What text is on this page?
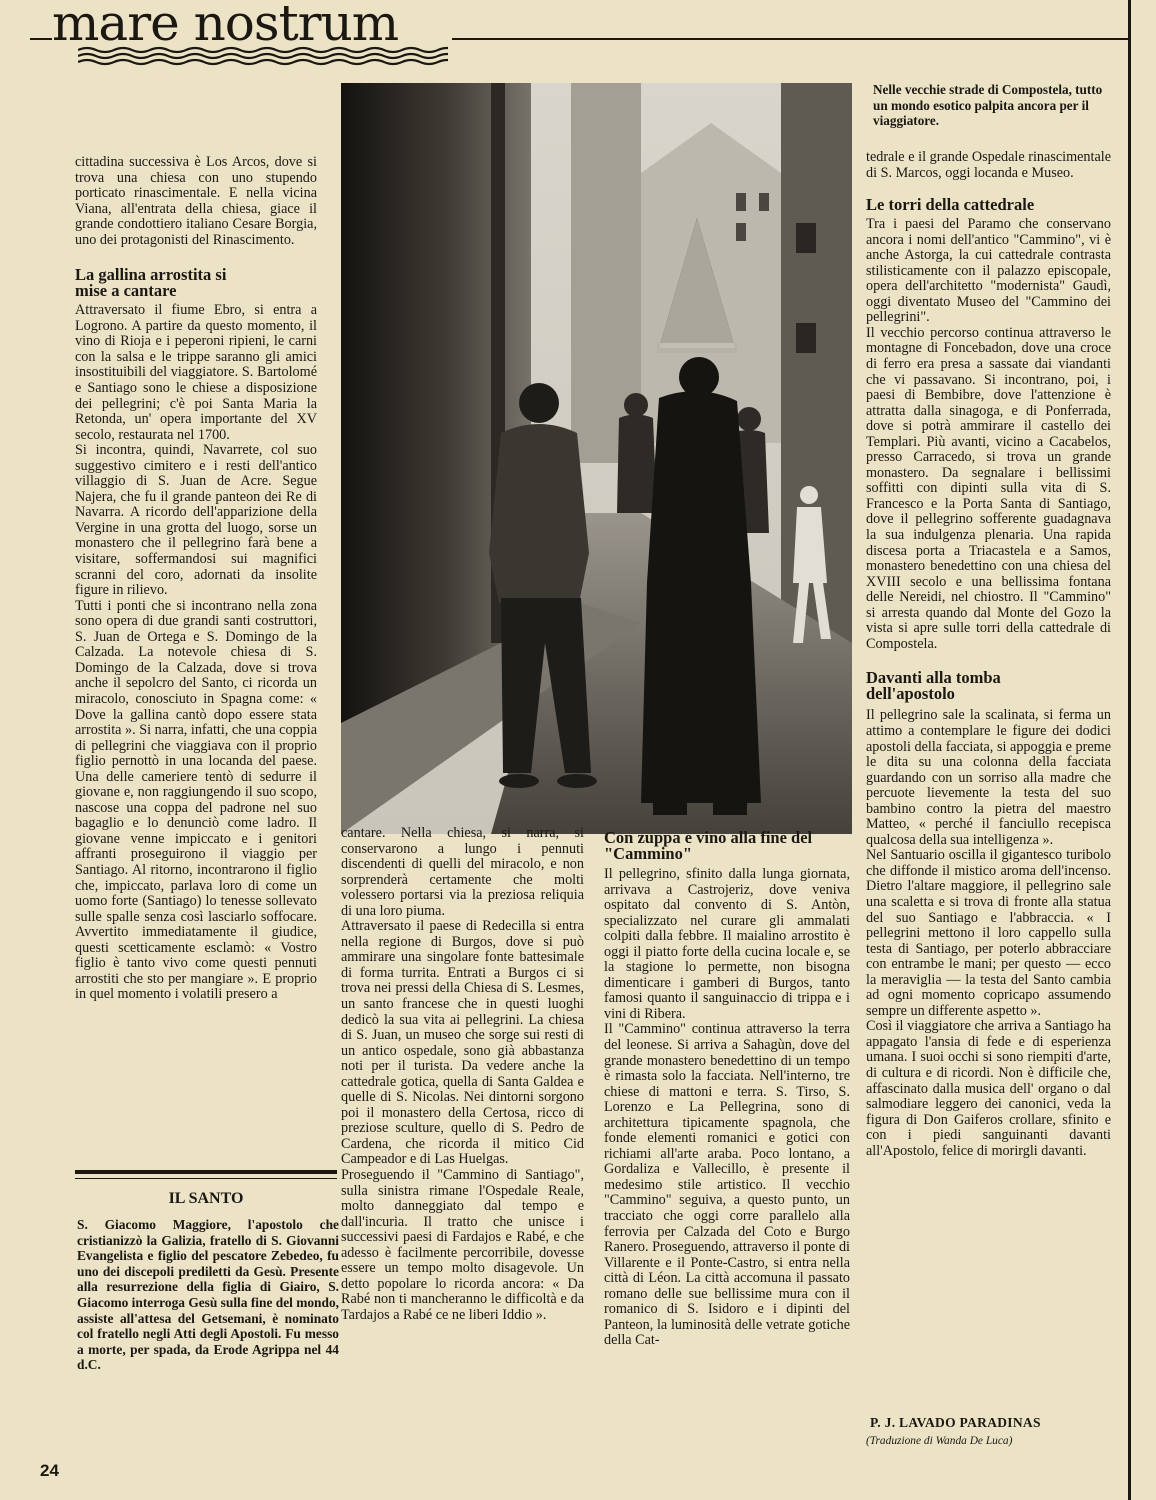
mare nostrum

cittadina successiva è Los Arcos, dove si trova una chiesa con uno stupendo porticato rinascimentale. E nella vicina Viana, all'entrata della chiesa, giace il grande condottiero italiano Cesare Borgia, uno dei protagonisti del Rinascimento.

La gallina arrostita si mise a cantare

Attraversato il fiume Ebro, si entra a Logrono. A partire da questo momento, il vino di Rioja e i peperoni ripieni, le carni con la salsa e le trippe saranno gli amici insostituibili del viaggiatore. S. Bartolomé e Santiago sono le chiese a disposizione dei pellegrini; c'è poi Santa Maria la Retonda, un' opera importante del XV secolo, restaurata nel 1700.

Si incontra, quindi, Navarrete, col suo suggestivo cimitero e i resti dell'antico villaggio di S. Juan de Acre. Segue Najera, che fu il grande panteon dei Re di Navarra. A ricordo dell'apparizione della Vergine in una grotta del luogo, sorse un monastero che il pellegrino farà bene a visitare, soffermandosi sui magnifici scranni del coro, adornati da insolite figure in rilievo.

Tutti i ponti che si incontrano nella zona sono opera di due grandi santi costruttori, S. Juan de Ortega e S. Domingo de la Calzada. La notevole chiesa di S. Domingo de la Calzada, dove si trova anche il sepolcro del Santo, ci ricorda un miracolo, conosciuto in Spagna come: « Dove la gallina cantò dopo essere stata arrostita ». Si narra, infatti, che una coppia di pellegrini che viaggiava con il proprio figlio pernottò in una locanda del paese. Una delle cameriere tentò di sedurre il giovane e, non raggiungendo il suo scopo, nascose una coppa del padrone nel suo bagaglio e lo denunciò come ladro. Il giovane venne impiccato e i genitori affranti proseguirono il viaggio per Santiago. Al ritorno, incontrarono il figlio che, impiccato, parlava loro di come un uomo forte (Santiago) lo tenesse sollevato sulle spalle senza così lasciarlo soffocare. Avvertito immediatamente il giudice, questi scetticamente esclamò: « Vostro figlio è tanto vivo come questi pennuti arrostiti che sto per mangiare ». E proprio in quel momento i volatili presero a

IL SANTO
S. Giacomo Maggiore, l'apostolo che cristianizzò la Galizia, fratello di S. Giovanni Evangelista e figlio del pescatore Zebedeo, fu uno dei discepoli prediletti da Gesù. Presente alla resurrezione della figlia di Giairo, S. Giacomo interroga Gesù sulla fine del mondo, assiste all'attesa del Getsemani, è nominato col fratello negli Atti degli Apostoli. Fu messo a morte, per spada, da Erode Agrippa nel 44 d.C.

cantare. Nella chiesa, si narra, si conservarono a lungo i pennuti discendenti di quelli del miracolo, e non sorprenderà certamente che molti volessero portarsi via la preziosa reliquia di una loro piuma.

Attraversato il paese di Redecilla si entra nella regione di Burgos, dove si può ammirare una singolare fonte battesimale di forma turrita. Entrati a Burgos ci si trova nei pressi della Chiesa di S. Lesmes, un santo francese che in questi luoghi dedicò la sua vita ai pellegrini. La chiesa di S. Juan, un museo che sorge sui resti di un antico ospedale, sono già abbastanza noti per il turista. Da vedere anche la cattedrale gotica, quella di Santa Galdea e quelle di S. Nicolas. Nei dintorni sorgono poi il monastero della Certosa, ricco di preziose sculture, quello di S. Pedro de Cardena, che ricorda il mitico Cid Campeador e di Las Huelgas.

Proseguendo il "Cammino di Santiago", sulla sinistra rimane l'Ospedale Reale, molto danneggiato dal tempo e dall'incuria. Il tratto che unisce i successivi paesi di Fardajos e Rabé, e che adesso è facilmente percorribile, dovesse essere un tempo molto disagevole. Un detto popolare lo ricorda ancora: « Da Rabé non ti mancheranno le difficoltà e da Tardajos a Rabé ce ne liberi Iddio ».

Con zuppa e vino alla fine del "Cammino"

Il pellegrino, sfinito dalla lunga giornata, arrivava a Castrojeriz, dove veniva ospitato dal convento di S. Antòn, specializzato nel curare gli ammalati colpiti dalla febbre. Il maialino arrostito è oggi il piatto forte della cucina locale e, se la stagione lo permette, non bisogna dimenticare i gamberi di Burgos, tanto famosi quanto il sanguinaccio di trippa e i vini di Ribera.

Il "Cammino" continua attraverso la terra del leonese. Si arriva a Sahagùn, dove del grande monastero benedettino di un tempo è rimasta solo la facciata. Nell'interno, tre chiese di mattoni e terra. S. Tirso, S. Lorenzo e La Pellegrina, sono di architettura tipicamente spagnola, che fonde elementi romanici e gotici con richiami all'arte araba. Poco lontano, a Gordaliza e Vallecillo, è presente il medesimo stile artistico. Il vecchio "Cammino" seguiva, a questo punto, un tracciato che oggi corre parallelo alla ferrovia per Calzada del Coto e Burgo Ranero. Proseguendo, attraverso il ponte di Villarente e il Ponte-Castro, si entra nella città di Léon. La città accomuna il passato romano delle sue bellissime mura con il romanico di S. Isidoro e i dipinti del Panteon, la luminosità delle vetrate gotiche della Cat-

Nelle vecchie strade di Compostela, tutto un mondo esotico palpita ancora per il viaggiatore.

tedrale e il grande Ospedale rinascimentale di S. Marcos, oggi locanda e Museo.

Le torri della cattedrale

Tra i paesi del Paramo che conservano ancora i nomi dell'antico "Cammino", vi è anche Astorga, la cui cattedrale contrasta stilisticamente con il palazzo episcopale, opera dell'architetto "modernista" Gaudì, oggi diventato Museo del "Cammino dei pellegrini".

Il vecchio percorso continua attraverso le montagne di Foncebadon, dove una croce di ferro era presa a sassate dai viandanti che vi passavano. Si incontrano, poi, i paesi di Bembibre, dove l'attenzione è attratta dalla sinagoga, e di Ponferrada, dove si potrà ammirare il castello dei Templari. Più avanti, vicino a Cacabelos, presso Carracedo, si trova un grande monastero. Da segnalare i bellissimi soffitti con dipinti sulla vita di S. Francesco e la Porta Santa di Santiago, dove il pellegrino sofferente guadagnava la sua indulgenza plenaria. Una rapida discesa porta a Triacastela e a Samos, monastero benedettino con una chiesa del XVIII secolo e una bellissima fontana delle Nereidi, nel chiostro. Il "Cammino" si arresta quando dal Monte del Gozo la vista si apre sulle torri della cattedrale di Compostela.

Davanti alla tomba dell'apostolo

Il pellegrino sale la scalinata, si ferma un attimo a contemplare le figure dei dodici apostoli della facciata, si appoggia e preme le dita su una colonna della facciata guardando con un sorriso alla madre che percuote lievemente la testa del suo bambino contro la pietra del maestro Matteo, « perché il fanciullo recepisca qualcosa della sua intelligenza ».

Nel Santuario oscilla il gigantesco turibolo che diffonde il mistico aroma dell'incenso. Dietro l'altare maggiore, il pellegrino sale una scaletta e si trova di fronte alla statua del suo Santiago e l'abbraccia. « I pellegrini mettono il loro cappello sulla testa di Santiago, per poterlo abbracciare con entrambe le mani; per questo — ecco la meraviglia — la testa del Santo cambia ad ogni momento copricapo assumendo sempre un differente aspetto ».

Così il viaggiatore che arriva a Santiago ha appagato l'ansia di fede e di esperienza umana. I suoi occhi si sono riempiti d'arte, di cultura e di ricordi. Non è difficile che, affascinato dalla musica dell' organo o dal salmodiare leggero dei canonici, veda la figura di Don Gaiferos crollare, sfinito e con i piedi sanguinanti davanti all'Apostolo, felice di morirgli davanti.

P. J. LAVADO PARADINAS
(Traduzione di Wanda De Luca)
24
